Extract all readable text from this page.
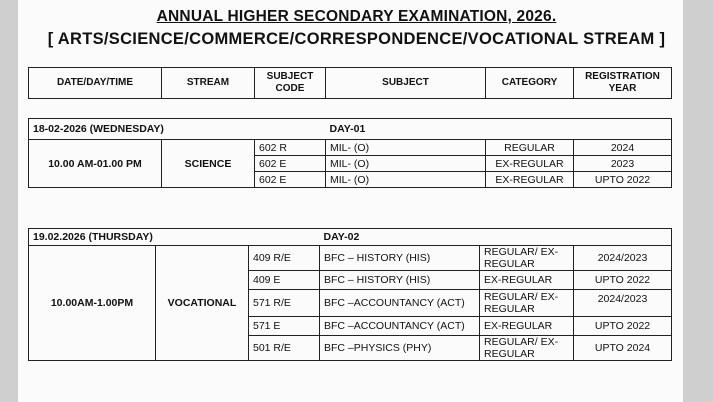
ANNUAL HIGHER SECONDARY EXAMINATION, 2026.
[ ARTS/SCIENCE/COMMERCE/CORRESPONDENCE/VOCATIONAL STREAM ]
DATE/DAY/TIME	STREAM	SUBJECT CODE	SUBJECT	CATEGORY	REGISTRATION YEAR
18-02-2026 (WEDNESDAY)			DAY-01		
10.00 AM-01.00 PM	SCIENCE	602 R	MIL- (O)	REGULAR	2024
		602 E	MIL- (O)	EX-REGULAR	2023
		602 E	MIL- (O)	EX-REGULAR	UPTO 2022
19.02.2026 (THURSDAY)			DAY-02		
10.00AM-1.00PM	VOCATIONAL	409 R/E	BFC – HISTORY (HIS)	REGULAR/ EX-REGULAR	2024/2023
		409 E	BFC – HISTORY (HIS)	EX-REGULAR	UPTO 2022
		571 R/E	BFC –ACCOUNTANCY (ACT)	REGULAR/ EX-REGULAR	2024/2023
		571 E	BFC –ACCOUNTANCY (ACT)	EX-REGULAR	UPTO 2022
		501 R/E	BFC –PHYSICS (PHY)	REGULAR/ EX-REGULAR	UPTO 2024
